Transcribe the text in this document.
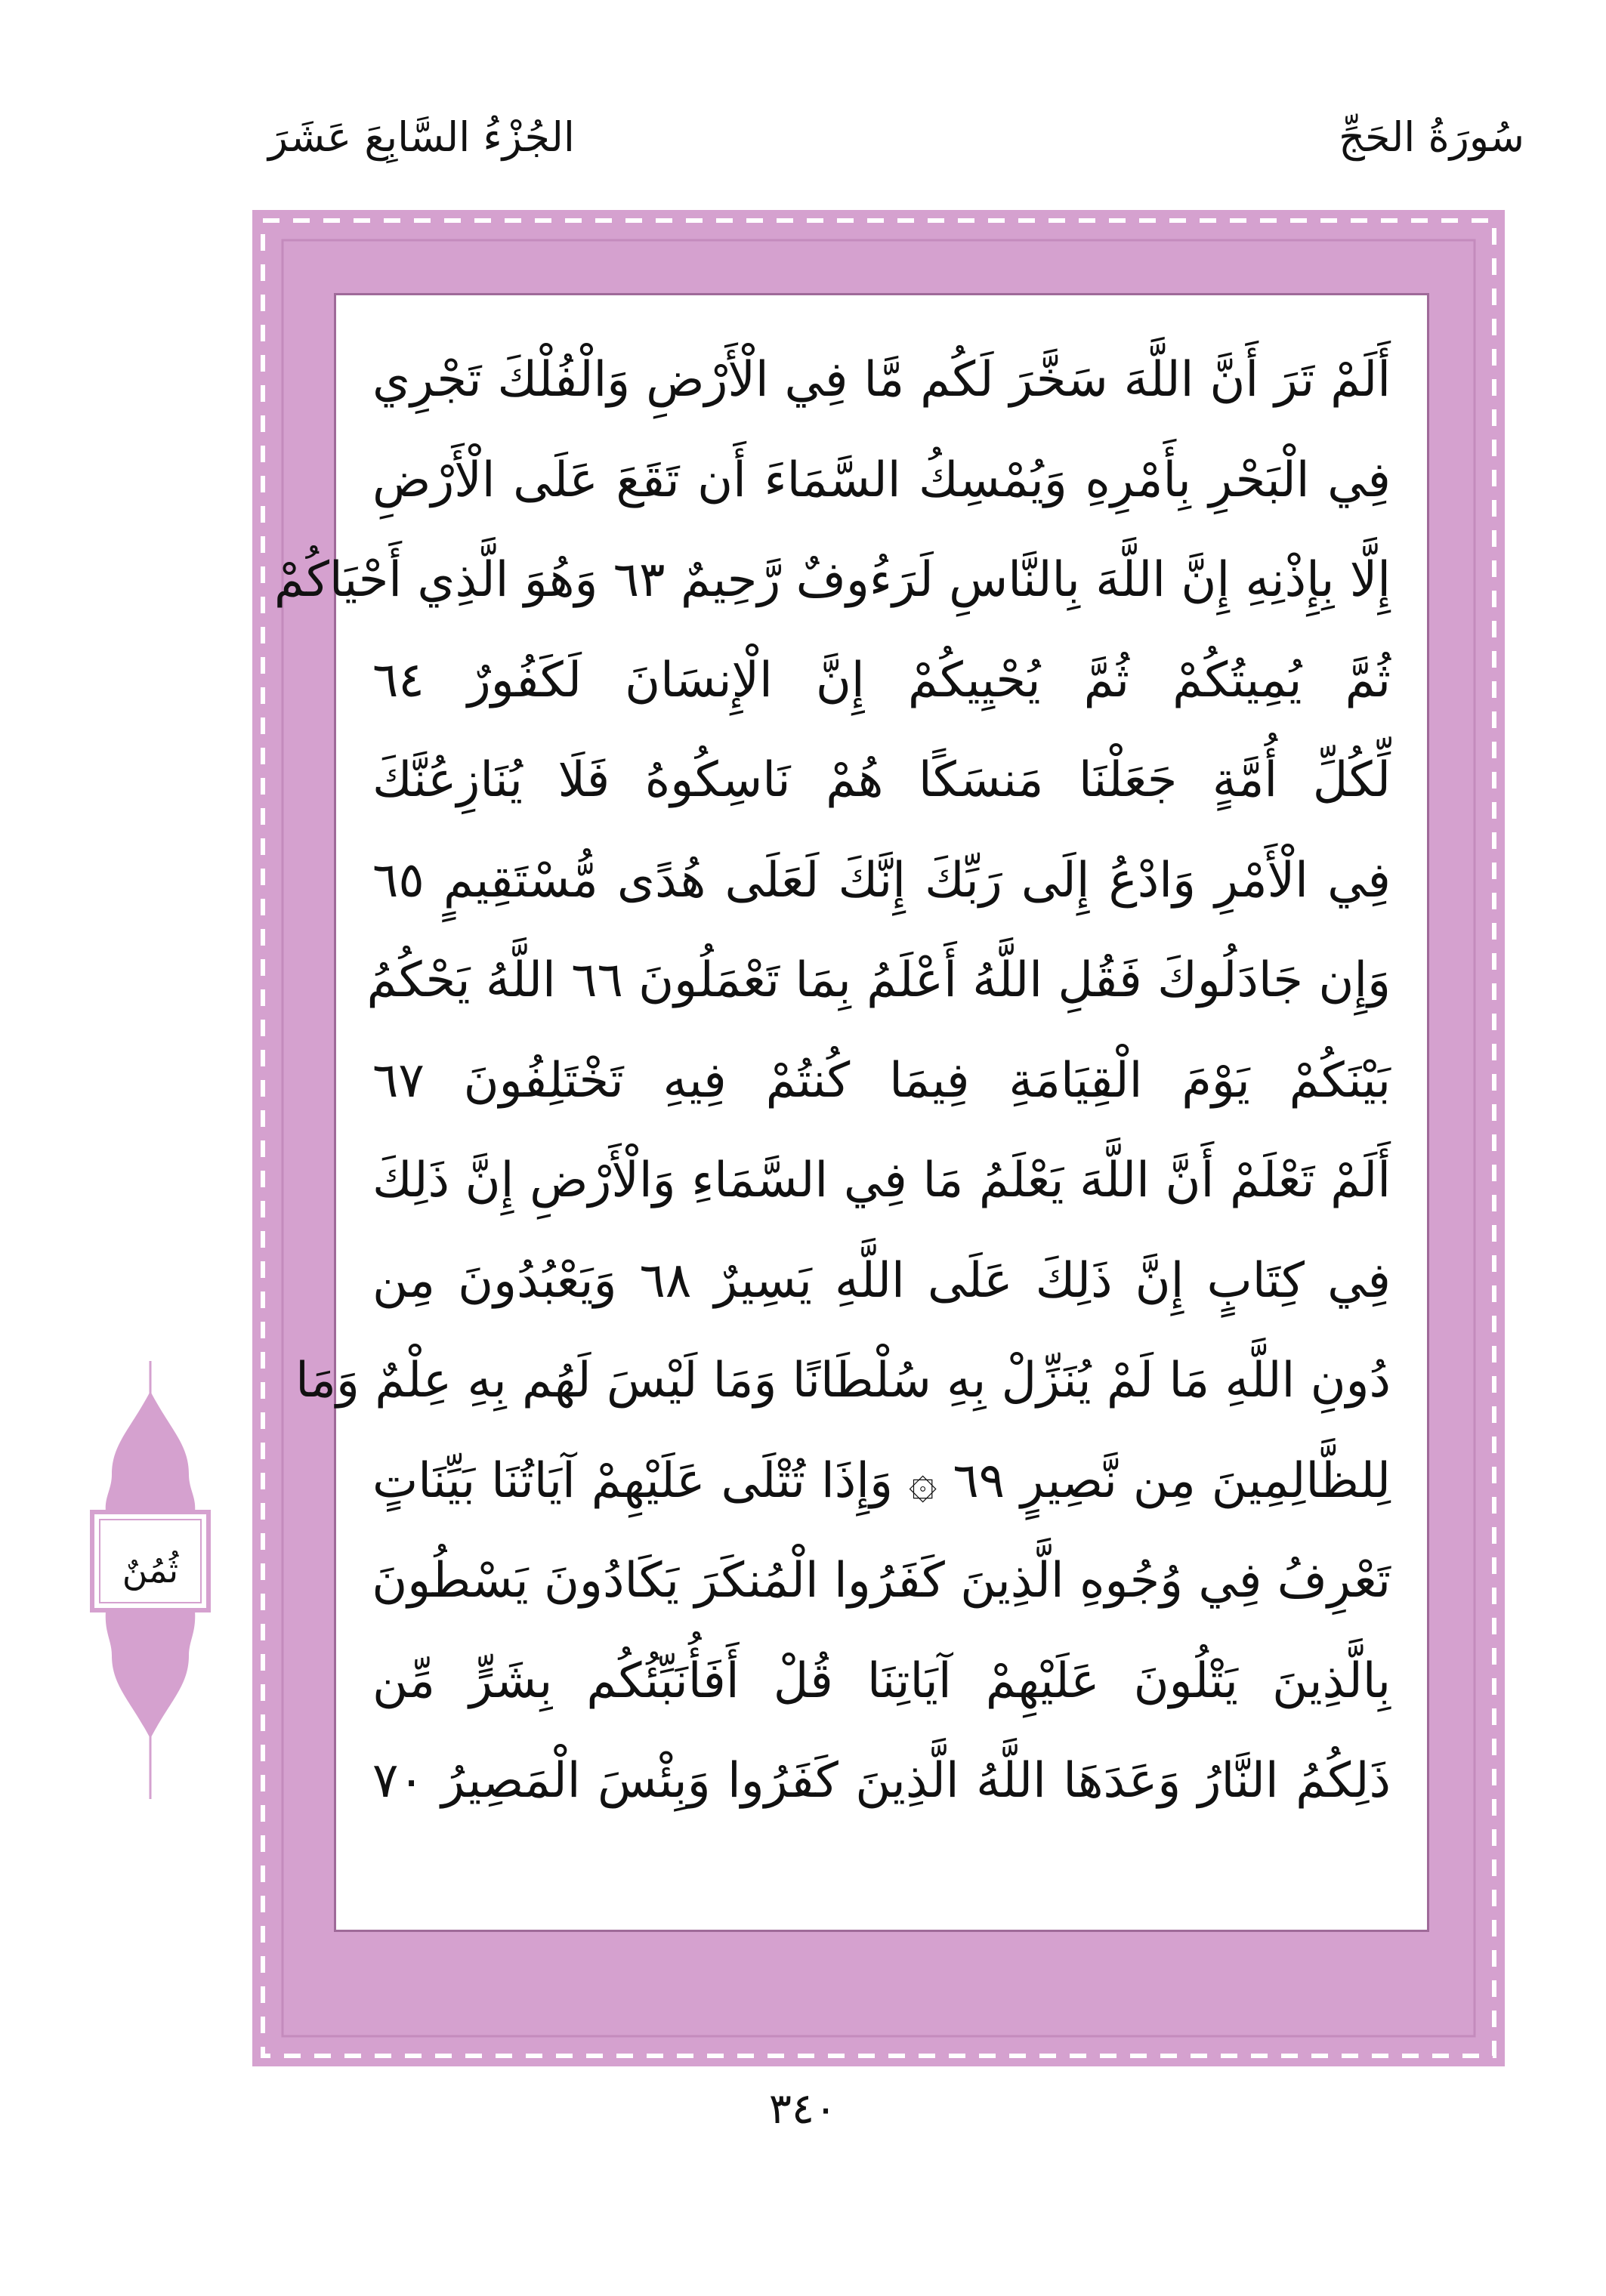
سُورَةُ الحَجِّ
الجُزْءُ السَّابِعَ عَشَرَ
أَلَمْ تَرَ أَنَّ اللَّهَ سَخَّرَ لَكُم مَّا فِي الْأَرْضِ وَالْفُلْكَ تَجْرِي
فِي الْبَحْرِ بِأَمْرِهِ وَيُمْسِكُ السَّمَاءَ أَن تَقَعَ عَلَى الْأَرْضِ
إِلَّا بِإِذْنِهِ إِنَّ اللَّهَ بِالنَّاسِ لَرَءُوفٌ رَّحِيمٌ ٦٣ وَهُوَ الَّذِي أَحْيَاكُمْ
ثُمَّ يُمِيتُكُمْ ثُمَّ يُحْيِيكُمْ إِنَّ الْإِنسَانَ لَكَفُورٌ ٦٤
لِّكُلِّ أُمَّةٍ جَعَلْنَا مَنسَكًا هُمْ نَاسِكُوهُ فَلَا يُنَازِعُنَّكَ
فِي الْأَمْرِ وَادْعُ إِلَى رَبِّكَ إِنَّكَ لَعَلَى هُدًى مُّسْتَقِيمٍ ٦٥
وَإِن جَادَلُوكَ فَقُلِ اللَّهُ أَعْلَمُ بِمَا تَعْمَلُونَ ٦٦ اللَّهُ يَحْكُمُ
بَيْنَكُمْ يَوْمَ الْقِيَامَةِ فِيمَا كُنتُمْ فِيهِ تَخْتَلِفُونَ ٦٧
أَلَمْ تَعْلَمْ أَنَّ اللَّهَ يَعْلَمُ مَا فِي السَّمَاءِ وَالْأَرْضِ إِنَّ ذَلِكَ
فِي كِتَابٍ إِنَّ ذَلِكَ عَلَى اللَّهِ يَسِيرٌ ٦٨ وَيَعْبُدُونَ مِن
دُونِ اللَّهِ مَا لَمْ يُنَزِّلْ بِهِ سُلْطَانًا وَمَا لَيْسَ لَهُم بِهِ عِلْمٌ وَمَا
لِلظَّالِمِينَ مِن نَّصِيرٍ ٦٩ ۞ وَإِذَا تُتْلَى عَلَيْهِمْ آيَاتُنَا بَيِّنَاتٍ
تَعْرِفُ فِي وُجُوهِ الَّذِينَ كَفَرُوا الْمُنكَرَ يَكَادُونَ يَسْطُونَ
بِالَّذِينَ يَتْلُونَ عَلَيْهِمْ آيَاتِنَا قُلْ أَفَأُنَبِّئُكُم بِشَرٍّ مِّن
ذَلِكُمُ النَّارُ وَعَدَهَا اللَّهُ الَّذِينَ كَفَرُوا وَبِئْسَ الْمَصِيرُ ٧٠
ثُمُنٌ
٣٤٠
